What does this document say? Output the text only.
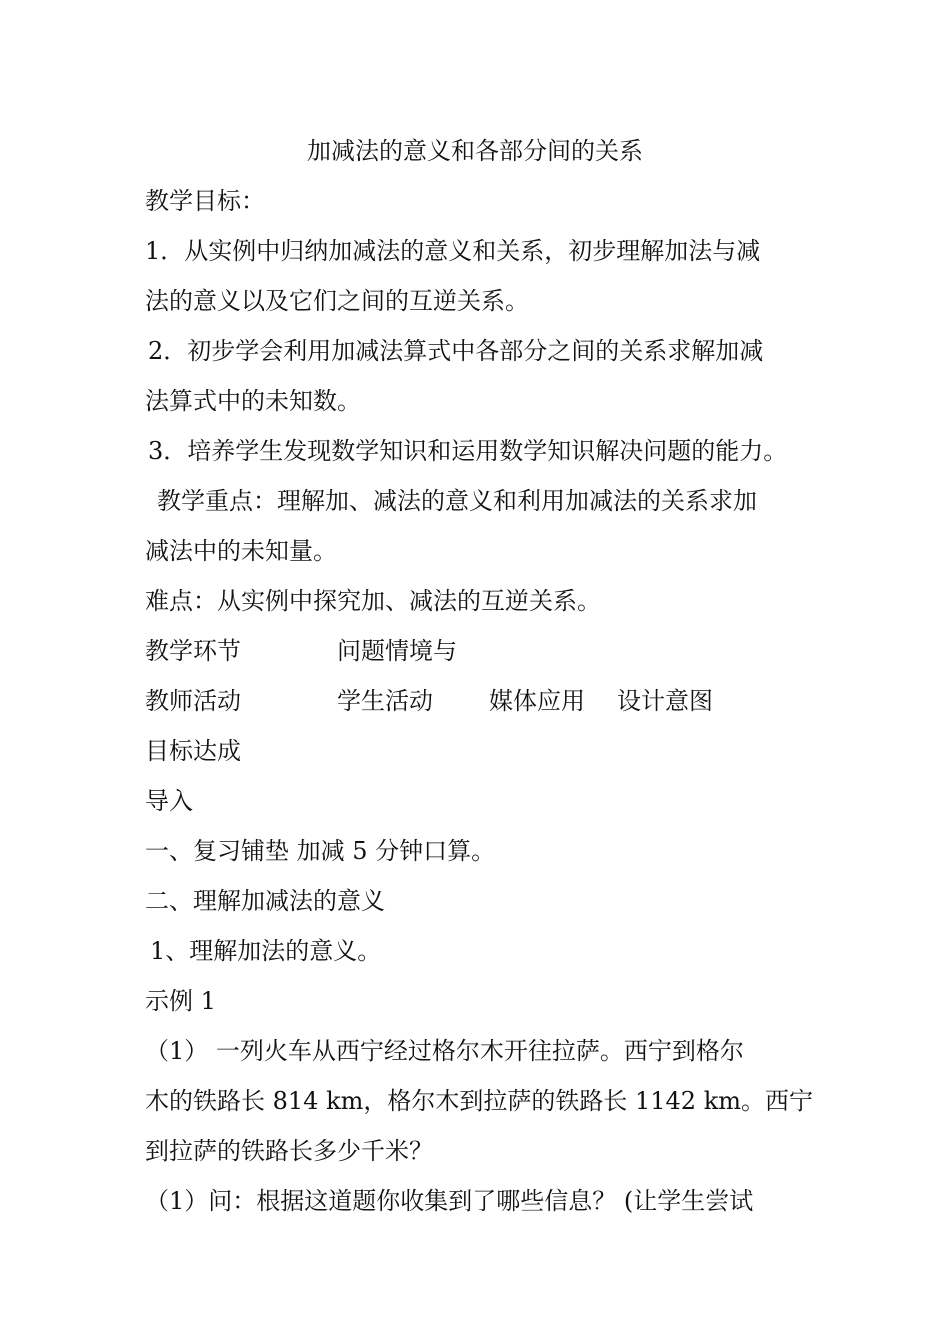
加减法的意义和各部分间的关系
教学目标：
1．从实例中归纳加减法的意义和关系，初步理解加法与减
法的意义以及它们之间的互逆关系。
2．初步学会利用加减法算式中各部分之间的关系求解加减
法算式中的未知数。
3．培养学生发现数学知识和运用数学知识解决问题的能力。
教学重点：理解加、减法的意义和利用加减法的关系求加
减法中的未知量。
难点：从实例中探究加、减法的互逆关系。
教学环节	问题情境与
教师活动	学生活动 媒体应用 设计意图
目标达成
导入
一、复习铺垫 加减 5 分钟口算。
二、理解加减法的意义
1、理解加法的意义。
示例 1
（1） 一列火车从西宁经过格尔木开往拉萨。西宁到格尔
木的铁路长 814 km，格尔木到拉萨的铁路长 1142 km。西宁
到拉萨的铁路长多少千米？
（1）问：根据这道题你收集到了哪些信息？ (让学生尝试
